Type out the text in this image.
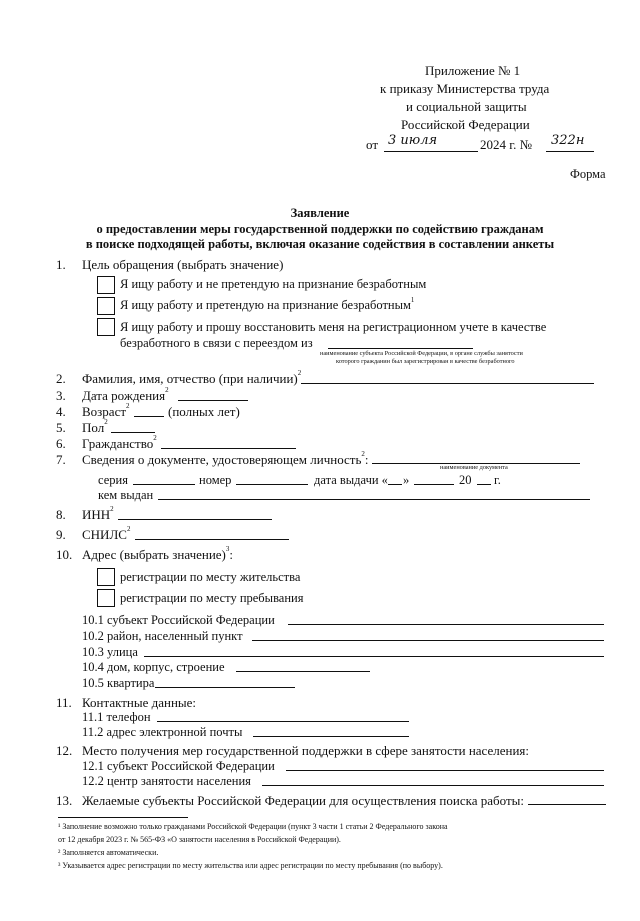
Приложение № 1
к приказу Министерства труда
и социальной защиты
Российской Федерации
от 3 июля	2024 г. № 322н
Форма
Заявление
о предоставлении меры государственной поддержки по содействию гражданам
в поиске подходящей работы, включая оказание содействия в составлении анкеты
1. Цель обращения (выбрать значение)
Я ищу работу и не претендую на признание безработным
Я ищу работу и претендую на признание безработным$^1$
Я ищу работу и прошу восстановить меня на регистрационном учете в качестве
безработного в связи с переездом из
наименование субъекта Российской Федерации, в органе службы занятости
которого гражданин был зарегистрирован в качестве безработного
2. Фамилия, имя, отчество (при наличии)$^2$
3. Дата рождения$^2$
4. Возраст$^2$	(полных лет)
5. Пол$^2$
6. Гражданство$^2$
7. Сведения о документе, удостоверяющем личность$^2$:
наименование документа
серия	номер	дата выдачи « »	20 г.
кем выдан
8. ИНН$^2$
9. СНИЛС$^2$
10. Адрес (выбрать значение)$^3$:
регистрации по месту жительства
регистрации по месту пребывания
10.1 субъект Российской Федерации
10.2 район, населенный пункт
10.3 улица
10.4 дом, корпус, строение
10.5 квартира
11. Контактные данные:
11.1 телефон
11.2 адрес электронной почты
12. Место получения мер государственной поддержки в сфере занятости населения:
12.1 субъект Российской Федерации
12.2 центр занятости населения
13. Желаемые субъекты Российской Федерации для осуществления поиска работы:
¹ Заполнение возможно только гражданами Российской Федерации (пункт 3 части 1 статьи 2 Федерального закона
от 12 декабря 2023 г. № 565-ФЗ «О занятости населения в Российской Федерации).
² Заполняется автоматически.
³ Указывается адрес регистрации по месту жительства или адрес регистрации по месту пребывания (по выбору).
